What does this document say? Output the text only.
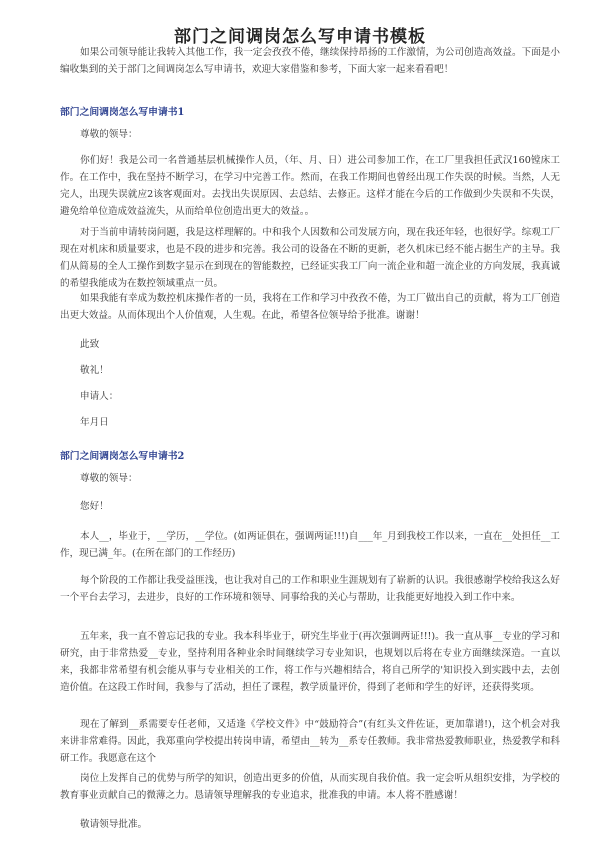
部门之间调岗怎么写申请书模板
如果公司领导能让我转入其他工作，我一定会孜孜不倦，继续保持昂扬的工作激情，为公司创造高效益。下面是小编收集到的关于部门之间调岗怎么写申请书，欢迎大家借鉴和参考，下面大家一起来看看吧！
部门之间调岗怎么写申请书1
尊敬的领导：
你们好！我是公司一名普通基层机械操作人员，（年、月、日）进公司参加工作，在工厂里我担任武汉160镗床工作。在工作中，我在坚持不断学习，在学习中完善工作。然而，在我工作期间也曾经出现工作失误的时候。当然，人无完人，出现失误就应2该客观面对。去找出失误原因、去总结、去修正。这样才能在今后的工作做到少失误和不失误，避免给单位造成效益流失，从而给单位创造出更大的效益。。
对于当前申请转岗问题，我是这样理解的。中和我个人因数和公司发展方向，现在我还年轻，也很好学。综观工厂现在对机床和质量要求，也是不段的进步和完善。我公司的设备在不断的更新，老久机床已经不能占据生产的主导。我们从简易的全人工操作到数字显示在到现在的智能数控，已经证实我工厂向一流企业和超一流企业的方向发展，我真诚的希望我能成为在数控领域重点一员。
如果我能有幸成为数控机床操作者的一员，我将在工作和学习中孜孜不倦，为工厂做出自己的贡献，将为工厂创造出更大效益。从而体现出个人价值观，人生观。在此，希望各位领导给予批准。谢谢！
此致
敬礼！
申请人：
年月日
部门之间调岗怎么写申请书2
尊敬的领导：
您好！
本人__，毕业于，__学历，__学位。(如两证俱在，强调两证!!!)自___年_月到我校工作以来，一直在__处担任__工作，现已满_年。(在所在部门的工作经历)
每个阶段的工作都让我受益匪浅，也让我对自己的工作和职业生涯规划有了崭新的认识。我很感谢学校给我这么好一个平台去学习，去进步，良好的工作环境和领导、同事给我的关心与帮助，让我能更好地投入到工作中来。
五年来，我一直不曾忘记我的专业。我本科毕业于，研究生毕业于(再次强调两证!!!)。我一直从事__专业的学习和研究，由于非常热爱__专业，坚持利用各种业余时间继续学习专业知识，也规划以后将在专业方面继续深造。一直以来，我都非常希望有机会能从事与专业相关的工作，将工作与兴趣相结合，将自己所学的'知识投入到实践中去，去创造价值。在这段工作时间，我参与了活动，担任了课程，教学质量评价，得到了老师和学生的好评，还获得奖项。
现在了解到__系需要专任老师，又适逢《学校文件》中“鼓励符合”(有红头文件佐证，更加靠谱!)，这个机会对我来讲非常难得。因此，我郑重向学校提出转岗申请，希望由__转为__系专任教师。我非常热爱教师职业，热爱教学和科研工作。我愿意在这个
岗位上发挥自己的优势与所学的知识，创造出更多的价值，从而实现自我价值。我一定会听从组织安排，为学校的教育事业贡献自己的微薄之力。恳请领导理解我的专业追求，批准我的申请。本人将不胜感谢！
敬请领导批准。
